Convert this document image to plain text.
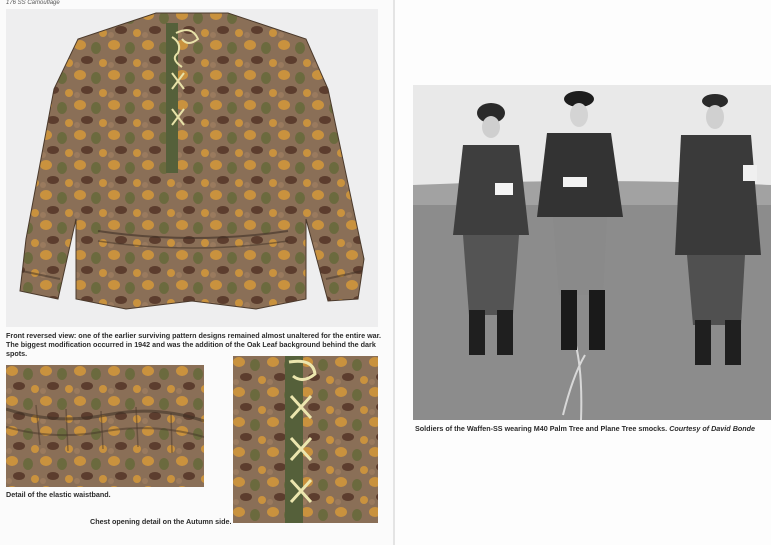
176 SS Camouflage

Front reversed view: one of the earlier surviving pattern designs remained almost unaltered for the entire war. The biggest modification occurred in 1942 and was the addition of the Oak Leaf background behind the dark spots.

Detail of the elastic waistband.

Chest opening detail on the Autumn side.

Soldiers of the Waffen-SS wearing M40 Palm Tree and Plane Tree smocks. Courtesy of David Bonde
